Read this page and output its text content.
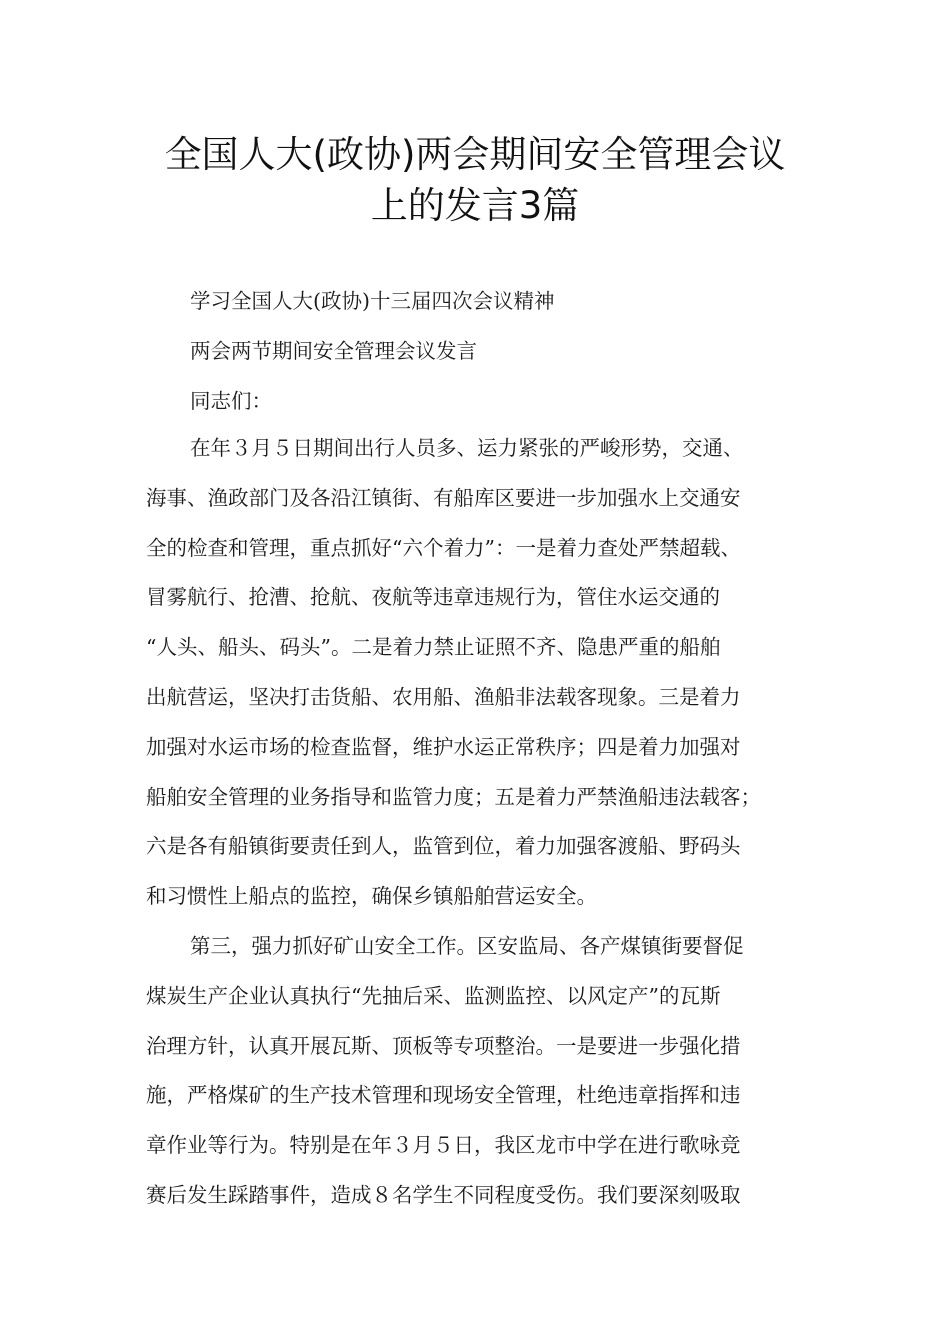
全国人大(政协)两会期间安全管理会议
上的发言3篇
学习全国人大(政协)十三届四次会议精神
两会两节期间安全管理会议发言
同志们：
在年３月５日期间出行人员多、运力紧张的严峻形势，交通、
海事、渔政部门及各沿江镇街、有船库区要进一步加强水上交通安
全的检查和管理，重点抓好“六个着力”：一是着力查处严禁超载、
冒雾航行、抢漕、抢航、夜航等违章违规行为，管住水运交通的
“人头、船头、码头”。二是着力禁止证照不齐、隐患严重的船舶
出航营运，坚决打击货船、农用船、渔船非法载客现象。三是着力
加强对水运市场的检查监督，维护水运正常秩序；四是着力加强对
船舶安全管理的业务指导和监管力度；五是着力严禁渔船违法载客；
六是各有船镇街要责任到人，监管到位，着力加强客渡船、野码头
和习惯性上船点的监控，确保乡镇船舶营运安全。
第三，强力抓好矿山安全工作。区安监局、各产煤镇街要督促
煤炭生产企业认真执行“先抽后采、监测监控、以风定产”的瓦斯
治理方针，认真开展瓦斯、顶板等专项整治。一是要进一步强化措
施，严格煤矿的生产技术管理和现场安全管理，杜绝违章指挥和违
章作业等行为。特别是在年３月５日，我区龙市中学在进行歌咏竞
赛后发生踩踏事件，造成８名学生不同程度受伤。我们要深刻吸取
